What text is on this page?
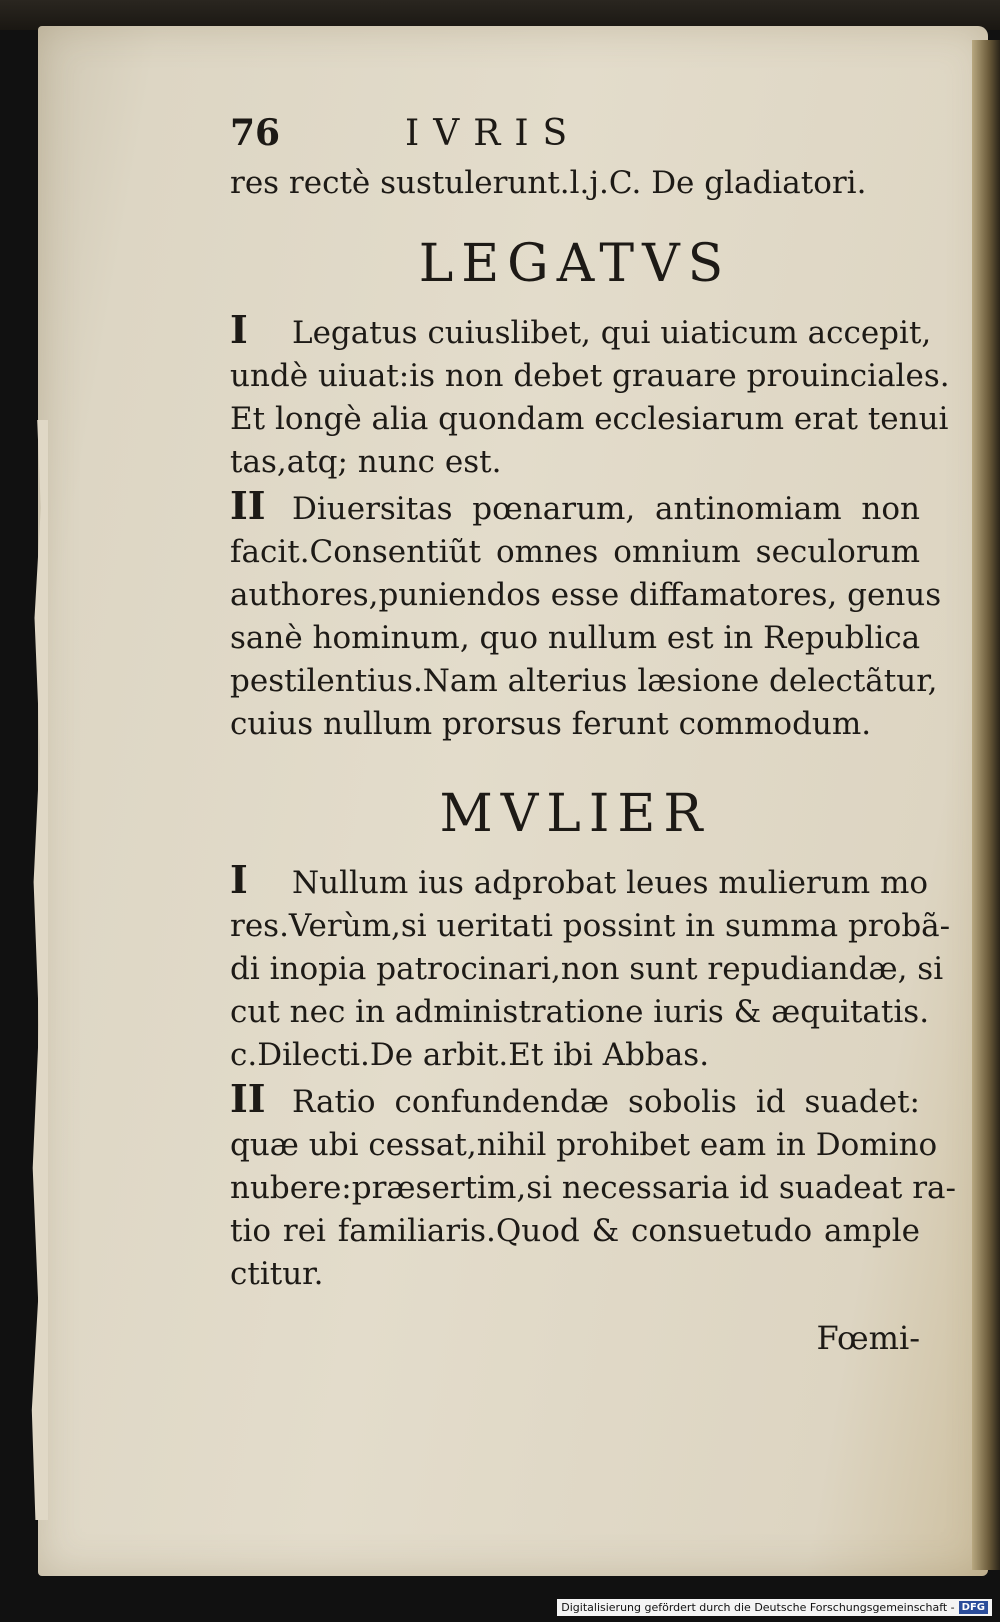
76	IVRIS
res rectè sustulerunt.l.j.C. De gladiatori.
LEGATVS
I Legatus cuiuslibet, qui uiaticum accepit,
undè uiuat:is non debet grauare prouinciales.
Et longè alia quondam ecclesiarum erat tenui
tas,atq; nunc est.
II Diuersitas pœnarum, antinomiam non
facit.Consentiũt omnes omnium seculorum
authores,puniendos esse diffamatores, genus
sanè hominum, quo nullum est in Republica
pestilentius.Nam alterius læsione delectãtur,
cuius nullum prorsus ferunt commodum.
MVLIER
I Nullum ius adprobat leues mulierum mo
res.Verùm,si ueritati possint in summa probã-
di inopia patrocinari,non sunt repudiandæ, si
cut nec in administratione iuris & æquitatis.
c.Dilecti.De arbit.Et ibi Abbas.
II Ratio confundendæ sobolis id suadet:
quæ ubi cessat,nihil prohibet eam in Domino
nubere:præsertim,si necessaria id suadeat ra-
tio rei familiaris.Quod & consuetudo ample
ctitur.
Fœmi-
Digitalisierung gefördert durch die Deutsche Forschungsgemeinschaft - DFG
